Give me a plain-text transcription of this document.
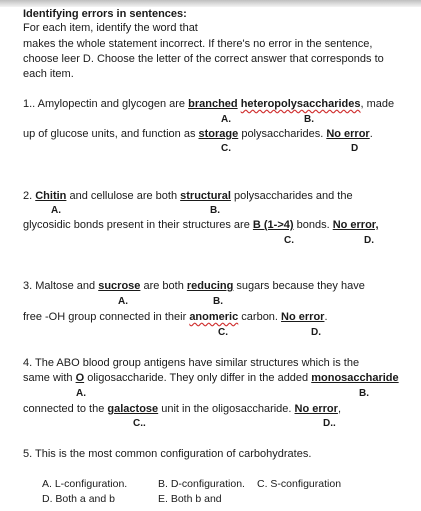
Identifying errors in sentences:
For each item, identify the word that
makes the whole statement incorrect. If there's no error in the sentence,
choose leer D. Choose the letter of the correct answer that corresponds to
each item.
1.. Amylopectin and glycogen are branched heteropolysaccharides, made
A.	B.
up of glucose units, and function as storage polysaccharides. No error.
C.	D
2. Chitin and cellulose are both structural polysaccharides and the
A.	B.
glycosidic bonds present in their structures are B (1->4) bonds. No error,
C.	D.
3. Maltose and sucrose are both reducing sugars because they have
A.	B.
free -OH group connected in their anomeric carbon. No error.
C.	D.
4. The ABO blood group antigens have similar structures which is the
same with O oligosaccharide. They only differ in the added monosaccharide
A.	B.
connected to the galactose unit in the oligosaccharide. No error,
C..	D..
5. This is the most common configuration of carbohydrates.
A. L-configuration.	B. D-configuration. C. S-configuration
D. Both a and b	E. Both b and
